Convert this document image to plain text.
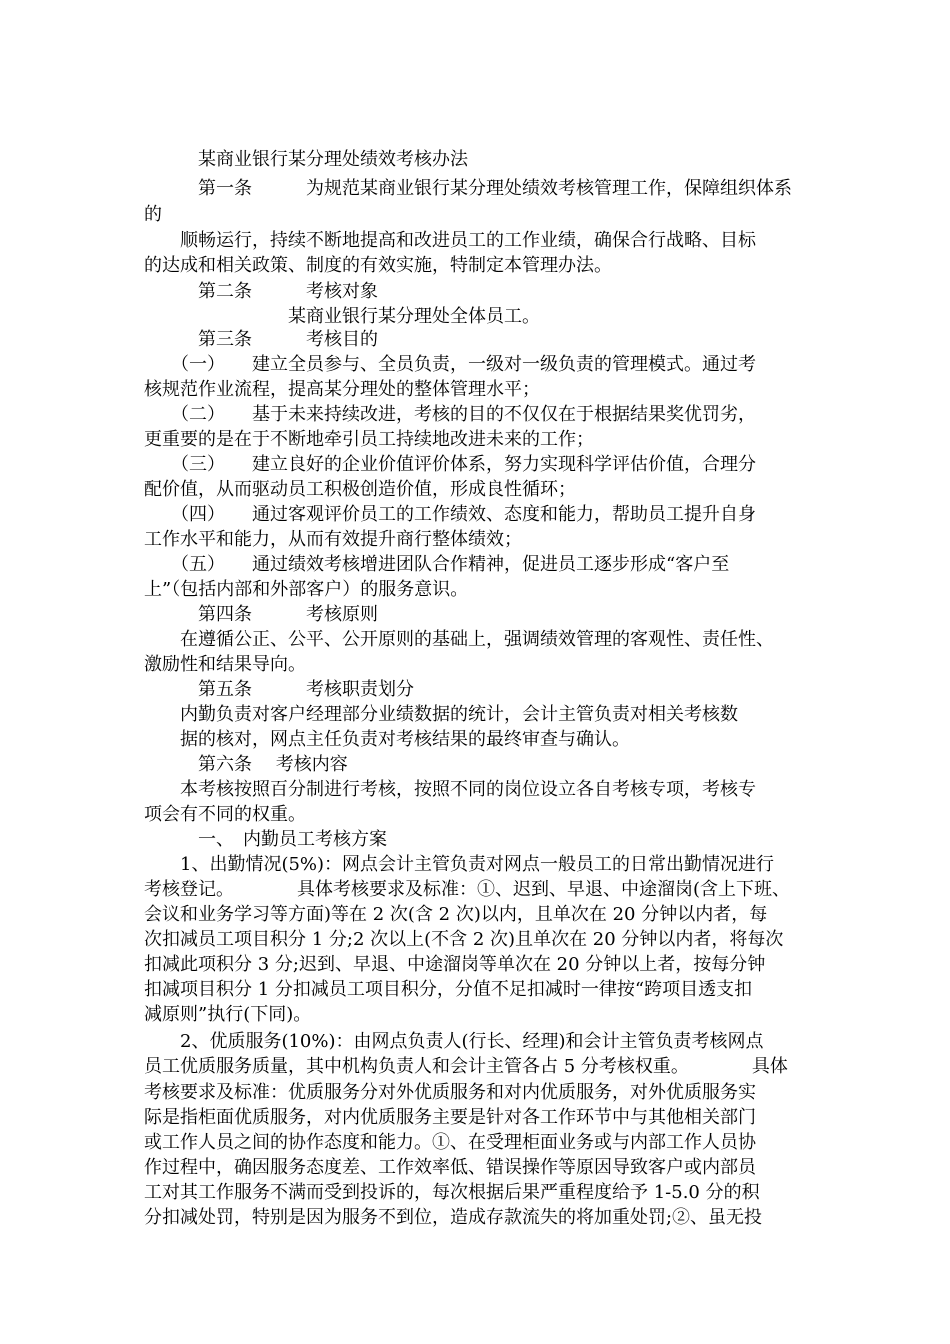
　　　某商业银行某分理处绩效考核办法
　　　第一条　　　为规范某商业银行某分理处绩效考核管理工作，保障组织体系
的
　　顺畅运行，持续不断地提高和改进员工的工作业绩，确保合行战略、目标
的达成和相关政策、制度的有效实施，特制定本管理办法。
　　　第二条　　　考核对象
　　　　　　　　某商业银行某分理处全体员工。
　　　第三条　　　考核目的
　　（一）　　建立全员参与、全员负责，一级对一级负责的管理模式。通过考
核规范作业流程，提高某分理处的整体管理水平；
　　（二）　　基于未来持续改进，考核的目的不仅仅在于根据结果奖优罚劣，
更重要的是在于不断地牵引员工持续地改进未来的工作；
　　（三）　　建立良好的企业价值评价体系，努力实现科学评估价值，合理分
配价值，从而驱动员工积极创造价值，形成良性循环；
　　（四）　　通过客观评价员工的工作绩效、态度和能力，帮助员工提升自身
工作水平和能力，从而有效提升商行整体绩效；
　　（五）　　通过绩效考核增进团队合作精神，促进员工逐步形成“客户至
上”（包括内部和外部客户）的服务意识。
　　　第四条　　　考核原则
　　在遵循公正、公平、公开原则的基础上，强调绩效管理的客观性、责任性、
激励性和结果导向。
　　　第五条　　　考核职责划分
　　内勤负责对客户经理部分业绩数据的统计，会计主管负责对相关考核数
　　据的核对，网点主任负责对考核结果的最终审查与确认。
　　　第六条　 考核内容
　　本考核按照百分制进行考核，按照不同的岗位设立各自考核专项，考核专
项会有不同的权重。
　　　一、　内勤员工考核方案
　　1、出勤情况(5%)：网点会计主管负责对网点一般员工的日常出勤情况进行
考核登记。　　　　具体考核要求及标准：①、迟到、早退、中途溜岗(含上下班、
会议和业务学习等方面)等在 2 次(含 2 次)以内，且单次在 20 分钟以内者，每
次扣减员工项目积分 1 分;2 次以上(不含 2 次)且单次在 20 分钟以内者，将每次
扣减此项积分 3 分;迟到、早退、中途溜岗等单次在 20 分钟以上者，按每分钟
扣减项目积分 1 分扣减员工项目积分，分值不足扣减时一律按“跨项目透支扣
减原则”执行(下同)。
　　2、优质服务(10%)：由网点负责人(行长、经理)和会计主管负责考核网点
员工优质服务质量，其中机构负责人和会计主管各占 5 分考核权重。　　　　具体
考核要求及标准：优质服务分对外优质服务和对内优质服务，对外优质服务实
际是指柜面优质服务，对内优质服务主要是针对各工作环节中与其他相关部门
或工作人员之间的协作态度和能力。①、在受理柜面业务或与内部工作人员协
作过程中，确因服务态度差、工作效率低、错误操作等原因导致客户或内部员
工对其工作服务不满而受到投诉的，每次根据后果严重程度给予 1-5.0 分的积
分扣减处罚，特别是因为服务不到位，造成存款流失的将加重处罚;②、虽无投
